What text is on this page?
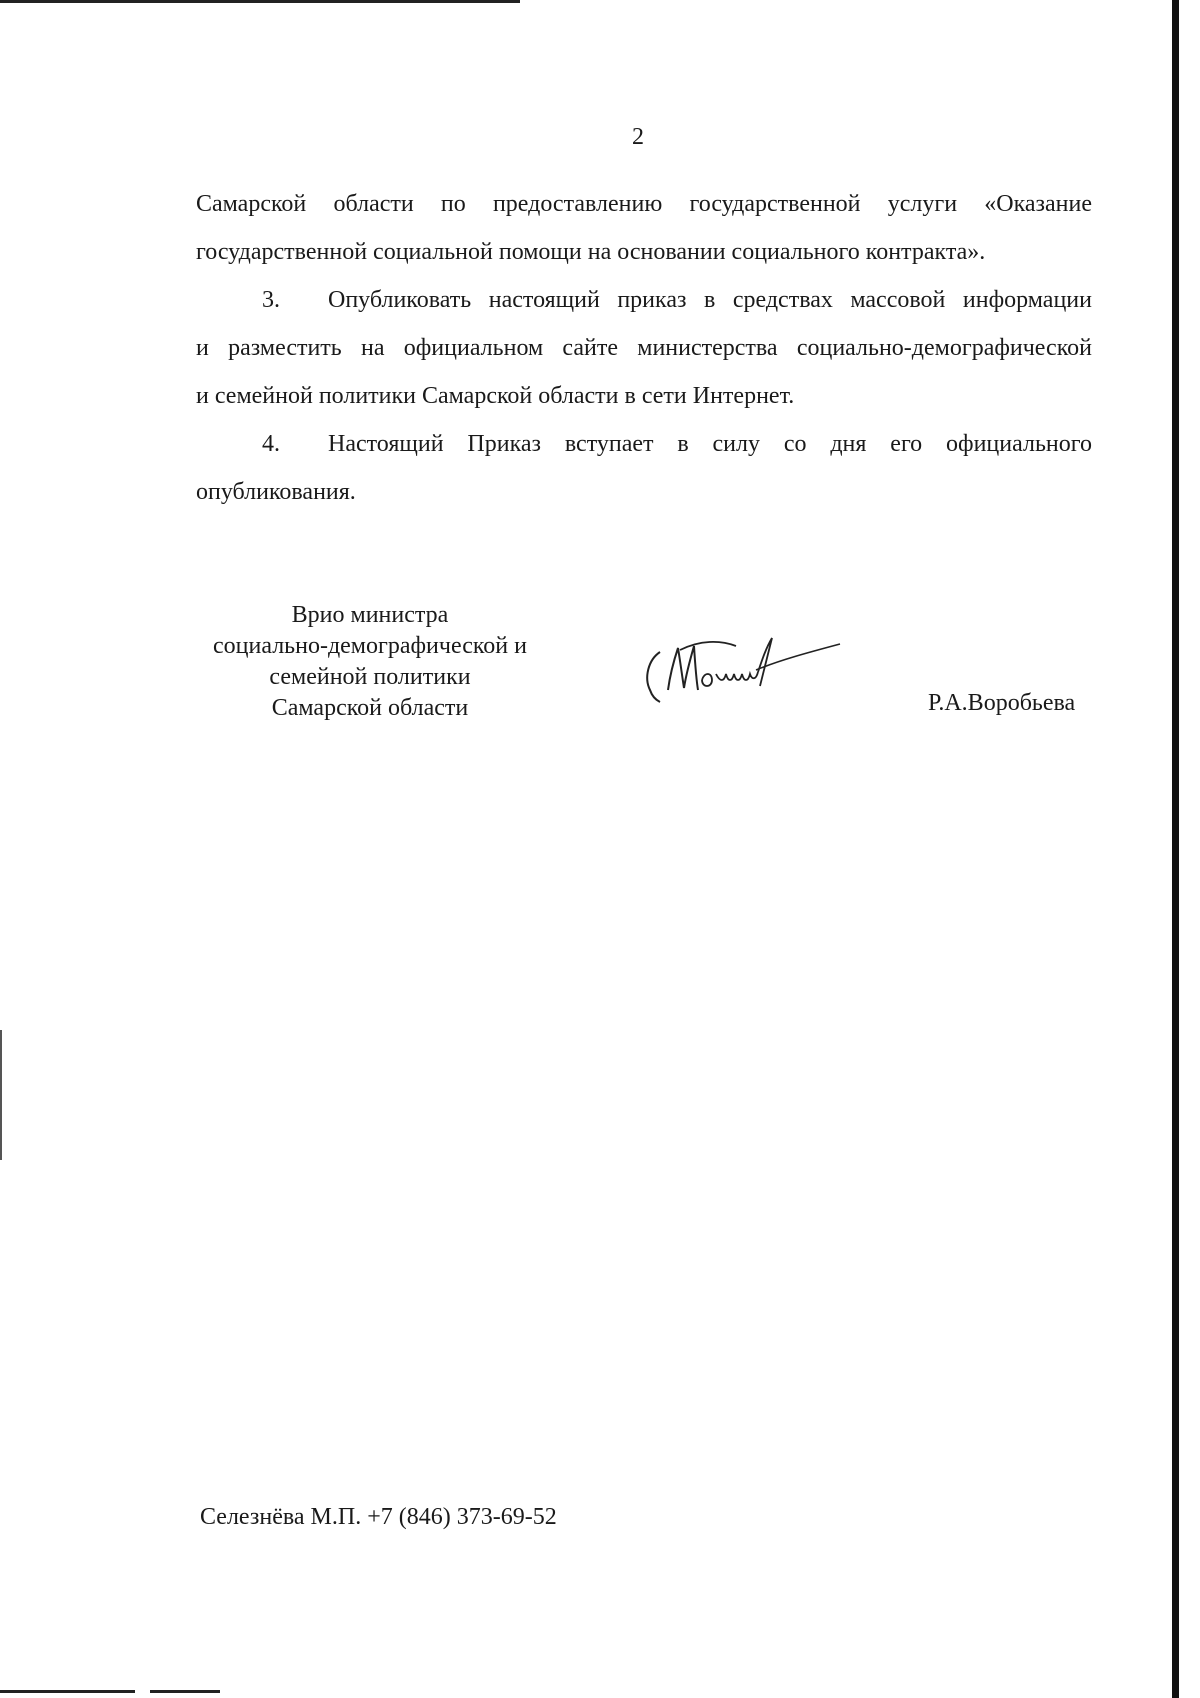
2
Самарской области по предоставлению государственной услуги «Оказание
государственной социальной помощи на основании социального контракта».
3. Опубликовать настоящий приказ в средствах массовой информации
и разместить на официальном сайте министерства социально-демографической
и семейной политики Самарской области в сети Интернет.
4. Настоящий Приказ вступает в силу со дня его официального
опубликования.
Врио министра
социально-демографической и
семейной политики
Самарской области	Р.А.Воробьева
Селезнёва М.П. +7 (846) 373-69-52
